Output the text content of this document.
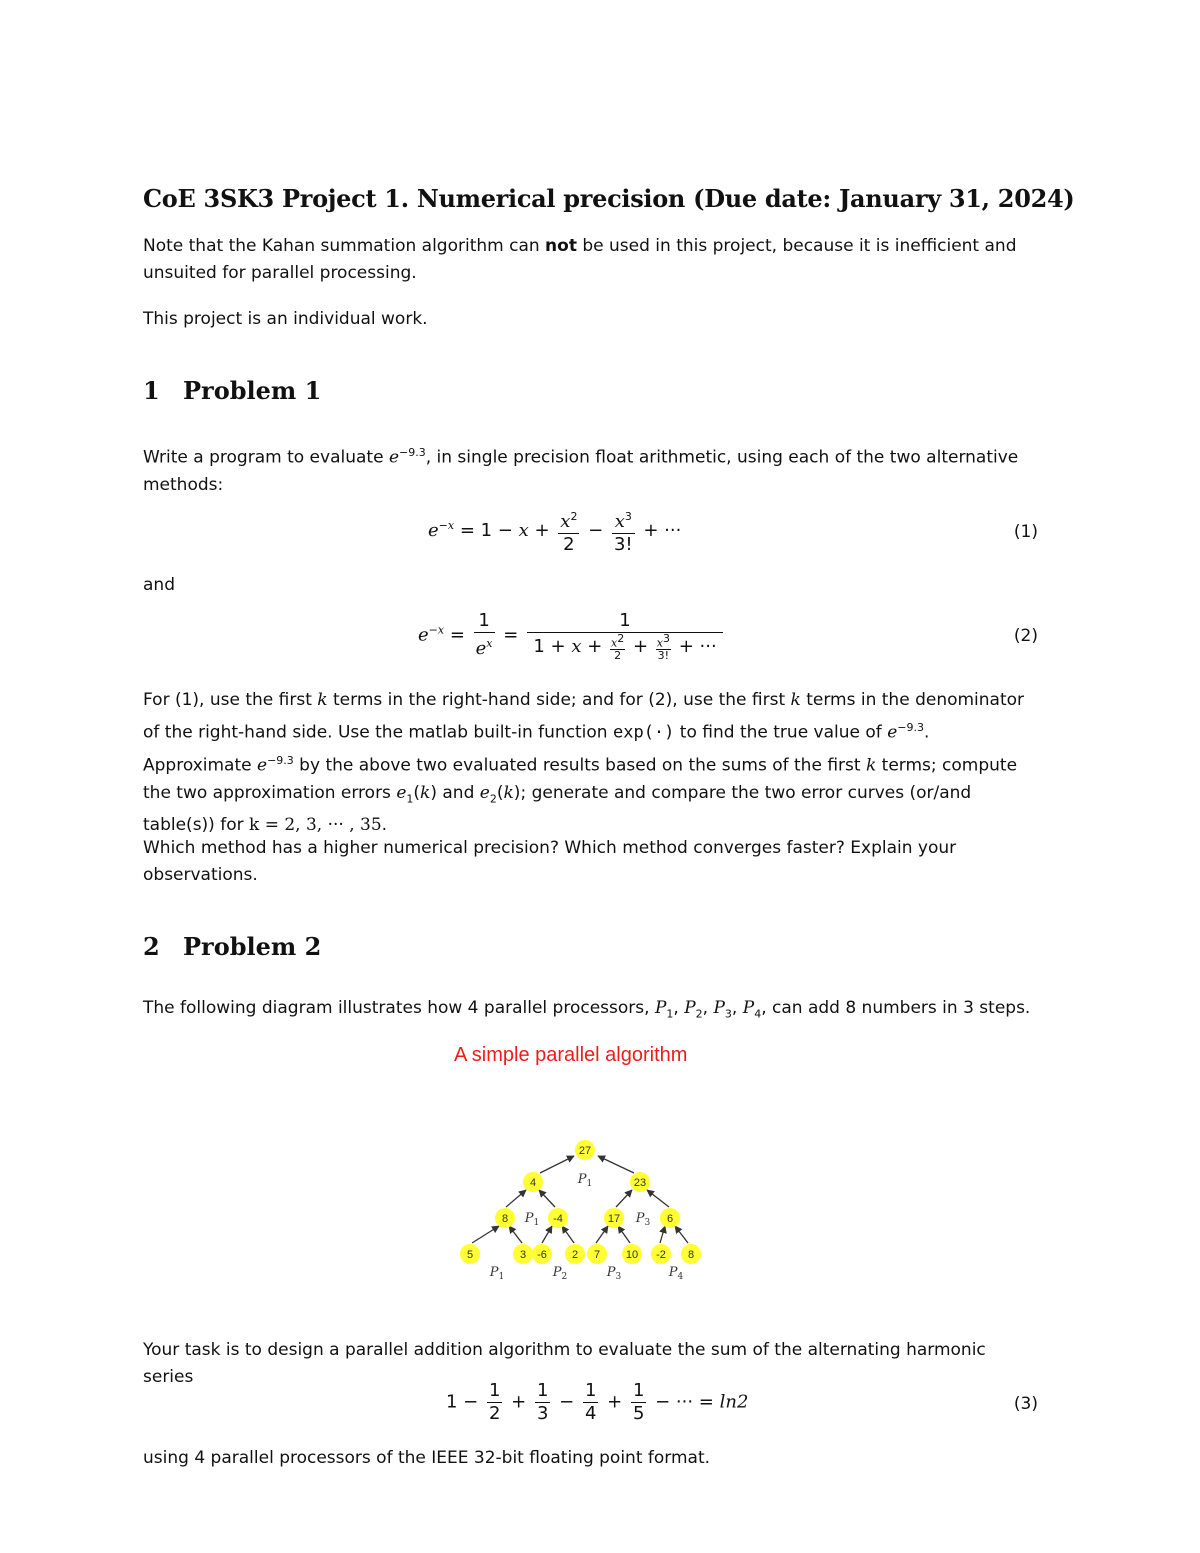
CoE 3SK3 Project 1. Numerical precision (Due date: January 31, 2024)
Note that the Kahan summation algorithm can not be used in this project, because it is inefficient and unsuited for parallel processing.
This project is an individual work.
1 Problem 1
Write a program to evaluate $e^{-9.3}$, in single precision float arithmetic, using each of the two alternative methods:
$e^{-x} = 1 - x + \frac{x^2}{2} - \frac{x^3}{3!}$ + ···	(1)
and
$e^{-x} = \frac{1}{e^x} = \frac{1}{1 + x + \frac{x^2}{2} + \frac{x^3}{3!} + \cdot\cdot\cdot}$	(2)
For (1), use the first k terms in the right-hand side; and for (2), use the first k terms in the denominator of the right-hand side. Use the matlab built-in function exp(·) to find the true value of $e^{-9.3}$.
Approximate $e^{-9.3}$ by the above two evaluated results based on the sums of the first k terms; compute the two approximation errors $e_1(k)$ and $e_2(k)$; generate and compare the two error curves (or/and table(s)) for k = 2, 3, ··· , 35.
Which method has a higher numerical precision? Which method converges faster? Explain your observations.
2 Problem 2
The following diagram illustrates how 4 parallel processors, $P_1$, $P_2$, $P_3$, $P_4$, can add 8 numbers in 3 steps.
A simple parallel algorithm
27
4	23
8	-4	17	6
5	3 -6 2 7 10 -2 8
$P_1$
$P_1$	$P_3$
$P_1$	$P_2$	$P_3$	$P_4$
Your task is to design a parallel addition algorithm to evaluate the sum of the alternating harmonic series
$1 - \frac{1}{2} + \frac{1}{3} - \frac{1}{4} + \frac{1}{5}$ − ··· = ln2	(3)
using 4 parallel processors of the IEEE 32-bit floating point format.
